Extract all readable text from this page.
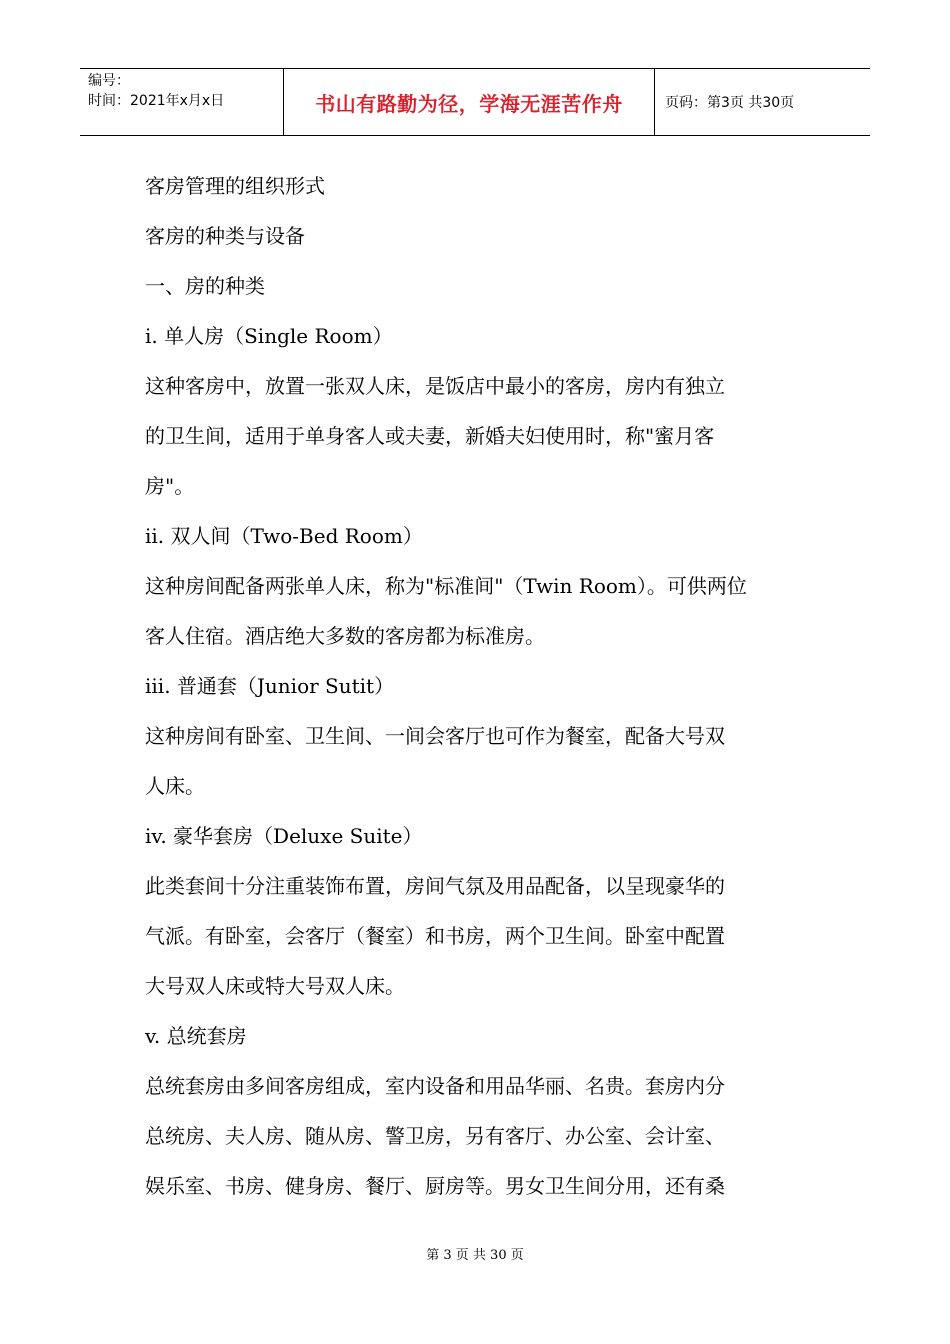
编号：
时间：2021年x月x日	书山有路勤为径，学海无涯苦作舟	页码：第3页 共30页
客房管理的组织形式
客房的种类与设备
一、房的种类
i. 单人房（Single Room）
这种客房中，放置一张双人床，是饭店中最小的客房，房内有独立
的卫生间，适用于单身客人或夫妻，新婚夫妇使用时，称"蜜月客
房"。
ii. 双人间（Two-Bed Room）
这种房间配备两张单人床，称为"标准间"（Twin Room）。可供两位
客人住宿。酒店绝大多数的客房都为标准房。
iii. 普通套（Junior Sutit）
这种房间有卧室、卫生间、一间会客厅也可作为餐室，配备大号双
人床。
iv. 豪华套房（Deluxe Suite）
此类套间十分注重装饰布置，房间气氛及用品配备，以呈现豪华的
气派。有卧室，会客厅（餐室）和书房，两个卫生间。卧室中配置
大号双人床或特大号双人床。
v. 总统套房
总统套房由多间客房组成，室内设备和用品华丽、名贵。套房内分
总统房、夫人房、随从房、警卫房，另有客厅、办公室、会计室、
娱乐室、书房、健身房、餐厅、厨房等。男女卫生间分用，还有桑
第 3 页 共 30 页
